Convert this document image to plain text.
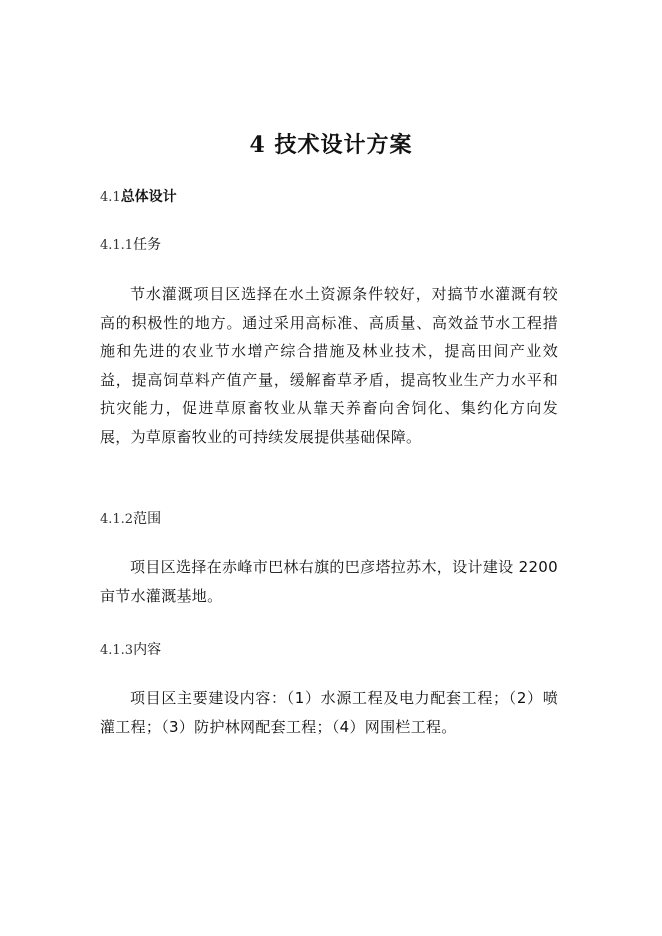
4 技术设计方案
4.1总体设计
4.1.1任务

节水灌溉项目区选择在水土资源条件较好，对搞节水灌溉有较高的积极性的地方。通过采用高标准、高质量、高效益节水工程措施和先进的农业节水增产综合措施及林业技术，提高田间产业效益，提高饲草料产值产量，缓解畜草矛盾，提高牧业生产力水平和抗灾能力，促进草原畜牧业从靠天养畜向舍饲化、集约化方向发展，为草原畜牧业的可持续发展提供基础保障。

4.1.2范围

项目区选择在赤峰市巴林右旗的巴彦塔拉苏木，设计建设 2200 亩节水灌溉基地。

4.1.3内容

项目区主要建设内容：（1）水源工程及电力配套工程；（2）喷灌工程；（3）防护林网配套工程；（4）网围栏工程。
